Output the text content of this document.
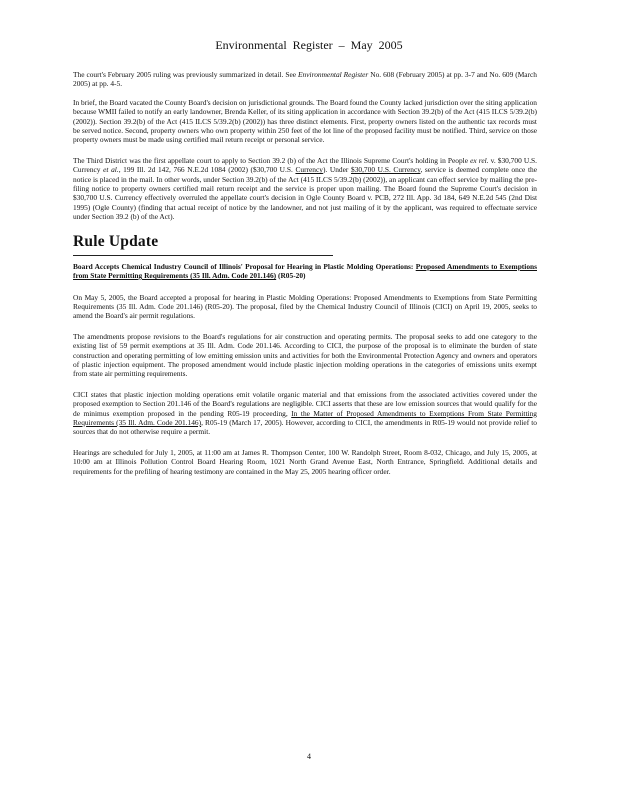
Environmental Register – May 2005

The court's February 2005 ruling was previously summarized in detail. See Environmental Register No. 608 (February 2005) at pp. 3-7 and No. 609 (March 2005) at pp. 4-5.

In brief, the Board vacated the County Board's decision on jurisdictional grounds. The Board found the County lacked jurisdiction over the siting application because WMII failed to notify an early landowner, Brenda Keller, of its siting application in accordance with Section 39.2(b) of the Act (415 ILCS 5/39.2(b) (2002)). Section 39.2(b) of the Act (415 ILCS 5/39.2(b) (2002)) has three distinct elements. First, property owners listed on the authentic tax records must be served notice. Second, property owners who own property within 250 feet of the lot line of the proposed facility must be notified. Third, service on those property owners must be made using certified mail return receipt or personal service.

The Third District was the first appellate court to apply to Section 39.2 (b) of the Act the Illinois Supreme Court's holding in People ex rel. v. $30,700 U.S. Currency et al., 199 Ill. 2d 142, 766 N.E.2d 1084 (2002) ($30,700 U.S. Currency). Under $30,700 U.S. Currency, service is deemed complete once the notice is placed in the mail. In other words, under Section 39.2(b) of the Act (415 ILCS 5/39.2(b) (2002)), an applicant can effect service by mailing the pre-filing notice to property owners certified mail return receipt and the service is proper upon mailing. The Board found the Supreme Court's decision in $30,700 U.S. Currency effectively overruled the appellate court's decision in Ogle County Board v. PCB, 272 Ill. App. 3d 184, 649 N.E.2d 545 (2nd Dist 1995) (Ogle County) (finding that actual receipt of notice by the landowner, and not just mailing of it by the applicant, was required to effectuate service under Section 39.2 (b) of the Act).

Rule Update
Board Accepts Chemical Industry Council of Illinois' Proposal for Hearing in Plastic Molding Operations: Proposed Amendments to Exemptions from State Permitting Requirements (35 Ill. Adm. Code 201.146) (R05-20)

On May 5, 2005, the Board accepted a proposal for hearing in Plastic Molding Operations: Proposed Amendments to Exemptions from State Permitting Requirements (35 Ill. Adm. Code 201.146) (R05-20). The proposal, filed by the Chemical Industry Council of Illinois (CICI) on April 19, 2005, seeks to amend the Board's air permit regulations.

The amendments propose revisions to the Board's regulations for air construction and operating permits. The proposal seeks to add one category to the existing list of 59 permit exemptions at 35 Ill. Adm. Code 201.146. According to CICI, the purpose of the proposal is to eliminate the burden of state construction and operating permitting of low emitting emission units and activities for both the Environmental Protection Agency and owners and operators of plastic injection equipment. The proposed amendment would include plastic injection molding operations in the categories of emissions units exempt from state air permitting requirements.

CICI states that plastic injection molding operations emit volatile organic material and that emissions from the associated activities covered under the proposed exemption to Section 201.146 of the Board's regulations are negligible. CICI asserts that these are low emission sources that would qualify for the de minimus exemption proposed in the pending R05-19 proceeding, In the Matter of Proposed Amendments to Exemptions From State Permitting Requirements (35 Ill. Adm. Code 201.146), R05-19 (March 17, 2005). However, according to CICI, the amendments in R05-19 would not provide relief to sources that do not otherwise require a permit.

Hearings are scheduled for July 1, 2005, at 11:00 am at James R. Thompson Center, 100 W. Randolph Street, Room 8-032, Chicago, and July 15, 2005, at 10:00 am at Illinois Pollution Control Board Hearing Room, 1021 North Grand Avenue East, North Entrance, Springfield. Additional details and requirements for the prefiling of hearing testimony are contained in the May 25, 2005 hearing officer order.

4
